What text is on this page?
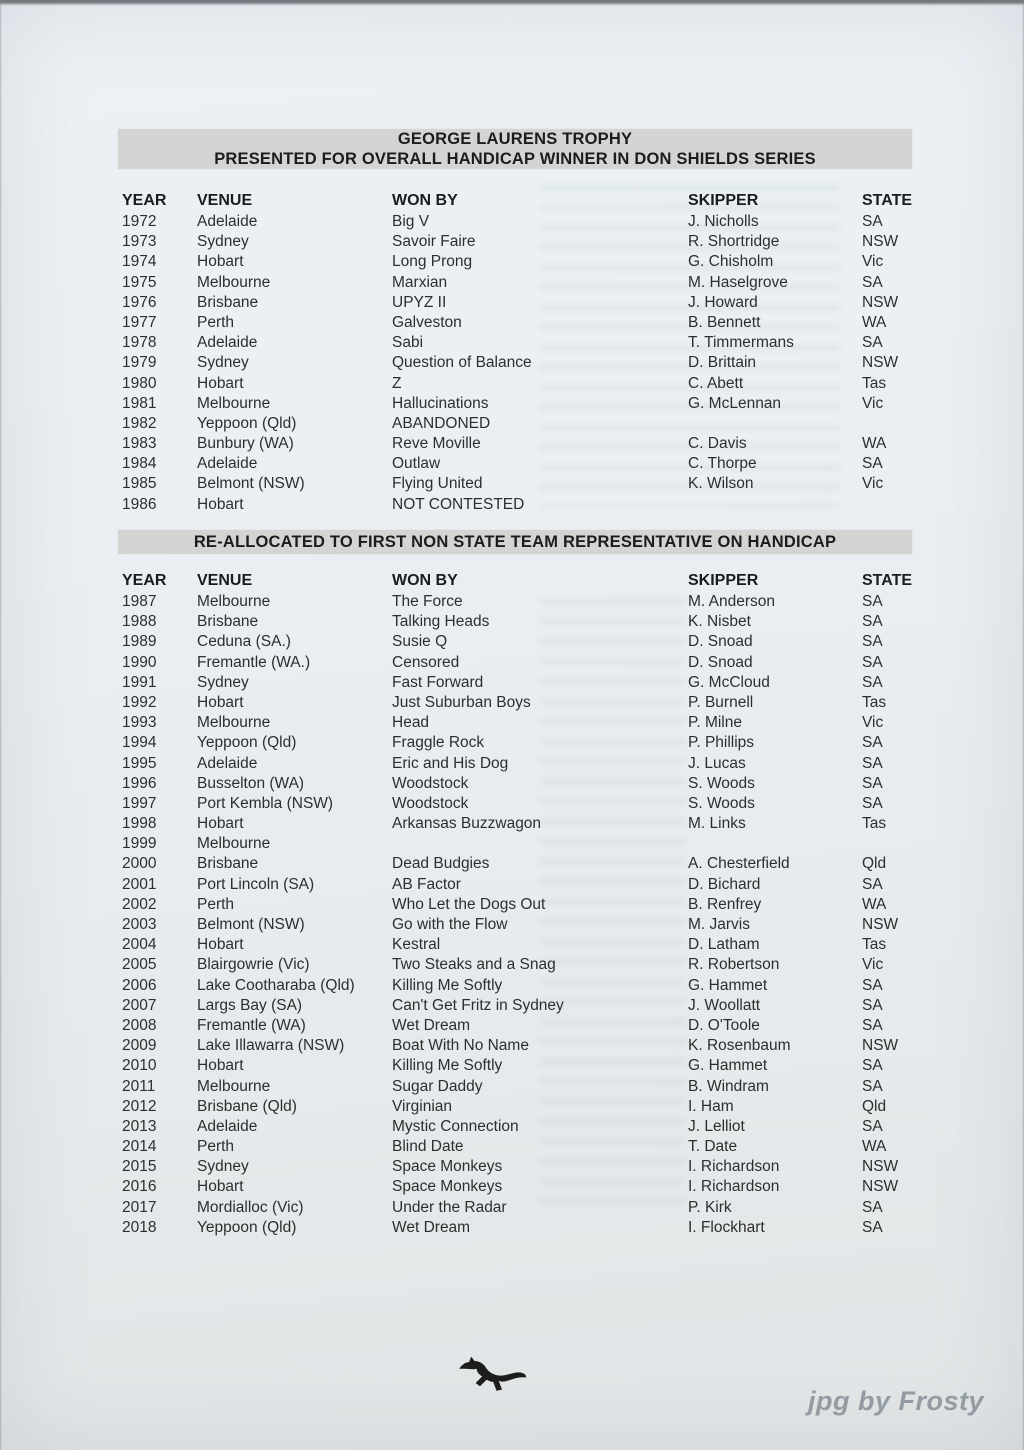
GEORGE LAURENS TROPHY
PRESENTED FOR OVERALL HANDICAP WINNER IN DON SHIELDS SERIES
YEAR	VENUE	WON BY	SKIPPER	STATE
1972	Adelaide	Big V	J. Nicholls	SA
1973	Sydney	Savoir Faire	R. Shortridge	NSW
1974	Hobart	Long Prong	G. Chisholm	Vic
1975	Melbourne	Marxian	M. Haselgrove	SA
1976	Brisbane	UPYZ II	J. Howard	NSW
1977	Perth	Galveston	B. Bennett	WA
1978	Adelaide	Sabi	T. Timmermans	SA
1979	Sydney	Question of Balance	D. Brittain	NSW
1980	Hobart	Z	C. Abett	Tas
1981	Melbourne	Hallucinations	G. McLennan	Vic
1982	Yeppoon (Qld)	ABANDONED
1983	Bunbury (WA)	Reve Moville	C. Davis	WA
1984	Adelaide	Outlaw	C. Thorpe	SA
1985	Belmont (NSW)	Flying United	K. Wilson	Vic
1986	Hobart	NOT CONTESTED
RE-ALLOCATED TO FIRST NON STATE TEAM REPRESENTATIVE ON HANDICAP
YEAR	VENUE	WON BY	SKIPPER	STATE
1987	Melbourne	The Force	M. Anderson	SA
1988	Brisbane	Talking Heads	K. Nisbet	SA
1989	Ceduna (SA.)	Susie Q	D. Snoad	SA
1990	Fremantle (WA.)	Censored	D. Snoad	SA
1991	Sydney	Fast Forward	G. McCloud	SA
1992	Hobart	Just Suburban Boys	P. Burnell	Tas
1993	Melbourne	Head	P. Milne	Vic
1994	Yeppoon (Qld)	Fraggle Rock	P. Phillips	SA
1995	Adelaide	Eric and His Dog	J. Lucas	SA
1996	Busselton (WA)	Woodstock	S. Woods	SA
1997	Port Kembla (NSW)	Woodstock	S. Woods	SA
1998	Hobart	Arkansas Buzzwagon	M. Links	Tas
1999	Melbourne
2000	Brisbane	Dead Budgies	A. Chesterfield	Qld
2001	Port Lincoln (SA)	AB Factor	D. Bichard	SA
2002	Perth	Who Let the Dogs Out	B. Renfrey	WA
2003	Belmont (NSW)	Go with the Flow	M. Jarvis	NSW
2004	Hobart	Kestral	D. Latham	Tas
2005	Blairgowrie (Vic)	Two Steaks and a Snag	R. Robertson	Vic
2006	Lake Cootharaba (Qld)	Killing Me Softly	G. Hammet	SA
2007	Largs Bay (SA)	Can't Get Fritz in Sydney	J. Woollatt	SA
2008	Fremantle (WA)	Wet Dream	D. O'Toole	SA
2009	Lake Illawarra (NSW)	Boat With No Name	K. Rosenbaum	NSW
2010	Hobart	Killing Me Softly	G. Hammet	SA
2011	Melbourne	Sugar Daddy	B. Windram	SA
2012	Brisbane (Qld)	Virginian	I. Ham	Qld
2013	Adelaide	Mystic Connection	J. Lelliot	SA
2014	Perth	Blind Date	T. Date	WA
2015	Sydney	Space Monkeys	I. Richardson	NSW
2016	Hobart	Space Monkeys	I. Richardson	NSW
2017	Mordialloc (Vic)	Under the Radar	P. Kirk	SA
2018	Yeppoon (Qld)	Wet Dream	I. Flockhart	SA
jpg by Frosty
